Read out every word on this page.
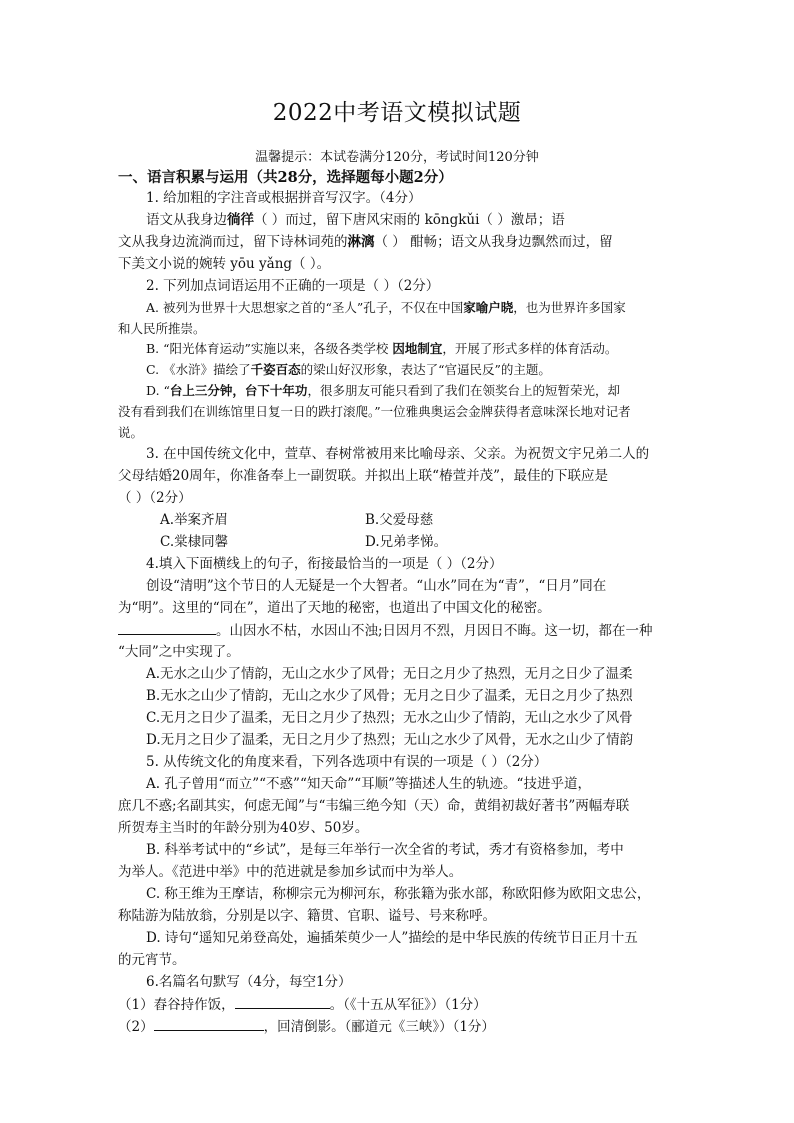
2022中考语文模拟试题
温馨提示：本试卷满分120分，考试时间120分钟
一、语言积累与运用（共28分，选择题每小题2分）
1. 给加粗的字注音或根据拼音写汉字。（4分）
语文从我身边徜徉（ ）而过，留下唐风宋雨的 kōngkǔi（ ）激昂；语
文从我身边流淌而过，留下诗林词苑的淋漓（ ） 酣畅；语文从我身边飘然而过，留
下美文小说的婉转 yōu yǎng（ ）。
2. 下列加点词语运用不正确的一项是（ ）（2分）
A. 被列为世界十大思想家之首的“圣人”孔子，不仅在中国家喻户晓，也为世界许多国家
和人民所推崇。
B. “阳光体育运动”实施以来，各级各类学校 因地制宜，开展了形式多样的体育活动。
C. 《水浒》描绘了千姿百态的梁山好汉形象，表达了“官逼民反”的主题。
D. “台上三分钟，台下十年功，很多朋友可能只看到了我们在领奖台上的短暂荣光，却
没有看到我们在训练馆里日复一日的跌打滚爬。”一位雅典奥运会金牌获得者意味深长地对记者
说。
3. 在中国传统文化中，萱草、春树常被用来比喻母亲、父亲。为祝贺文宇兄弟二人的
父母结婚20周年，你准备奉上一副贺联。并拟出上联“椿萱并茂”，最佳的下联应是
（ ）（2分）
A.举案齐眉	B.父爱母慈
C.棠棣同馨	D.兄弟孝悌。
4.填入下面横线上的句子，衔接最恰当的一项是（ ）（2分）
创设“清明”这个节日的人无疑是一个大智者。“山水”同在为“青”，“日月”同在
为“明”。这里的“同在”，道出了天地的秘密，也道出了中国文化的秘密。
。山因水不枯，水因山不浊;日因月不烈，月因日不晦。这一切，都在一种
“大同”之中实现了。
A.无水之山少了情韵，无山之水少了风骨；无日之月少了热烈，无月之日少了温柔
B.无水之山少了情韵，无山之水少了风骨；无月之日少了温柔，无日之月少了热烈
C.无月之日少了温柔，无日之月少了热烈；无水之山少了情韵，无山之水少了风骨
D.无月之日少了温柔，无日之月少了热烈；无山之水少了风骨，无水之山少了情韵
5. 从传统文化的角度来看，下列各选项中有误的一项是（ ）（2分）
A. 孔子曾用“而立”“不惑”“知天命”“耳顺”等描述人生的轨迹。“技进乎道，
庶几不惑;名副其实，何虑无闻”与“韦编三绝今知（天）命，黄绢初裁好著书”两幅寿联
所贺寿主当时的年龄分别为40岁、50岁。
B. 科举考试中的“乡试”，是每三年举行一次全省的考试，秀才有资格参加，考中
为举人。《范进中举》中的范进就是参加乡试而中为举人。
C. 称王维为王摩诘，称柳宗元为柳河东，称张籍为张水部，称欧阳修为欧阳文忠公，
称陆游为陆放翁，分别是以字、籍贯、官职、谥号、号来称呼。
D. 诗句“遥知兄弟登高处，遍插茱萸少一人”描绘的是中华民族的传统节日正月十五
的元宵节。
6.名篇名句默写（4分，每空1分）
（1）舂谷持作饭，	。（《十五从军征》）（1分）
（2）	，回清倒影。（郦道元《三峡》）（1分）
